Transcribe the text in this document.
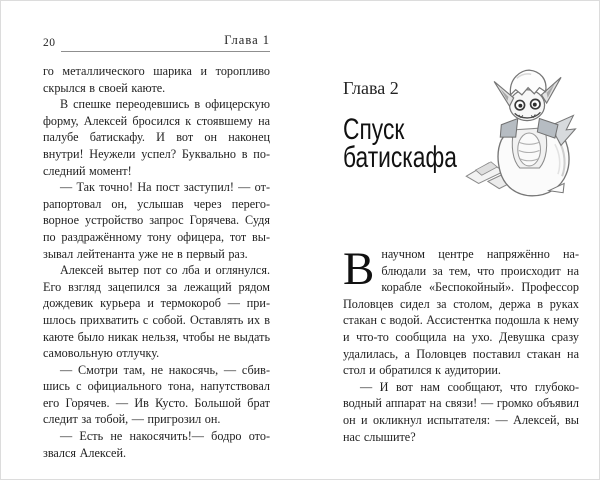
20	Глава 1

го металлического шарика и торопливо скрылся в своей каюте.

В спешке переодевшись в офицерскую форму, Алексей бросился к стоявшему на палубе батискафу. И вот он наконец внутри! Неужели успел? Буквально в последний момент!

— Так точно! На пост заступил! — отрапортовал он, услышав через переговорное устройство запрос Горячева. Судя по раздражённому тону офицера, тот вызывал лейтенанта уже не в первый раз.

Алексей вытер пот со лба и оглянулся. Его взгляд зацепился за лежащий рядом дождевик курьера и термокороб — пришлось прихватить с собой. Оставлять их в каюте было никак нельзя, чтобы не выдать самовольную отлучку.

— Смотри там, не накосячь, — сбившись с официального тона, напутствовал его Горячев. — Ив Кусто. Большой брат следит за тобой, — пригрозил он.

— Есть не накосячить!— бодро отозвался Алексей.

Глава 2
Спуск
батискафа

Внаучном центре напряжённо наблюдали за тем, что происходит на корабле «Беспокойный». Профессор Половцев сидел за столом, держа в руках стакан с водой. Ассистентка подошла к нему и что-то сообщила на ухо. Девушка сразу удалилась, а Половцев поставил стакан на стол и обратился к аудитории.

— И вот нам сообщают, что глубоководный аппарат на связи! — громко объявил он и окликнул испытателя: — Алексей, вы нас слышите?
